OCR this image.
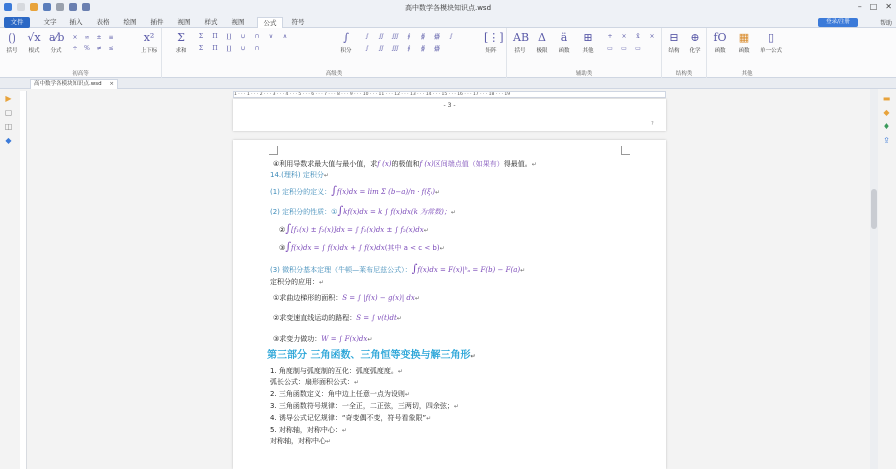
高中数学各模块知识点.wsd	– □ ✕
文件	文字	插入	表格	绘图	插件	视图	样式	视图	公式	符号	登录/注册	帮助
⟮⟯
括号
√x
根式
a⁄b
分式
×	∞	±	≡
÷	%	≠	≤
x²
上下标
初高等
Σ
求和
Σ	Π	∐	∪	∩	∨	∧
Σ	Π	∐	∪	∩
∫
积分
∫	∬	∭	∮	∯	∰	∫
∫	∬	∭	∮	∯	∰
[⋮]
矩阵
高级类
AB
括号
Δ
极限
ä
函数
⊞
其他
+	×	x̄	×
▭	▭	▭
辅助类
⊟
结构
⊕
化学
结构类
fO
函数
▦
函数
▯
单一公式
其他
高中数学各模块知识点.wsd ×
▶
▢
◫
◆
▬
◆
♦
⇪
1 · · · 1 · · · 2 · · · 3 · · · 4 · · · 5 · · · 6 · · · 7 · · · 8 · · · 9 · · · 10 · · · 11 · · · 12 · · · 13 · · · 14 · · · 15 · · · 16 · · · 17 · · · 18 · · · 19
- 3 -
?
④利用导数求最大值与最小值，求f (x)的极值和f (x)区间端点值（如果有）得最值。↵
14.(理科) 定积分↵
(1) 定积分的定义：∫f(x)dx = lim Σ (b−a)/n · f(ξᵢ)↵
(2) 定积分的性质：①∫kf(x)dx = k ∫ f(x)dx(k 为常数)；↵
②∫[f₁(x) ± f₂(x)]dx = ∫ f₁(x)dx ± ∫ f₂(x)dx↵
③∫f(x)dx = ∫ f(x)dx + ∫ f(x)dx(其中 a < c < b)↵
(3) 微积分基本定理（牛顿—莱布尼兹公式）：∫f(x)dx = F(x)|ᵇₐ = F(b) − F(a)↵
定积分的应用：↵
①求曲边梯形的面积：S = ∫ |f(x) − g(x)| dx↵
②求变速直线运动的路程：S = ∫ v(t)dt↵
③求变力做功：W = ∫ F(x)dx↵
第三部分 三角函数、三角恒等变换与解三角形↵
1. 角度制与弧度制的互化：弧度弧度度。↵
弧长公式：扇形面积公式：↵
2. 三角函数定义：角中边上任意一点为设则↵
3. 三角函数符号规律：一全正，二正弦，三两切，四余弦；↵
4. 诱导公式记忆规律：“奇变偶不变，符号看象限”↵
5. 对称轴，对称中心：↵
对称轴，对称中心↵
